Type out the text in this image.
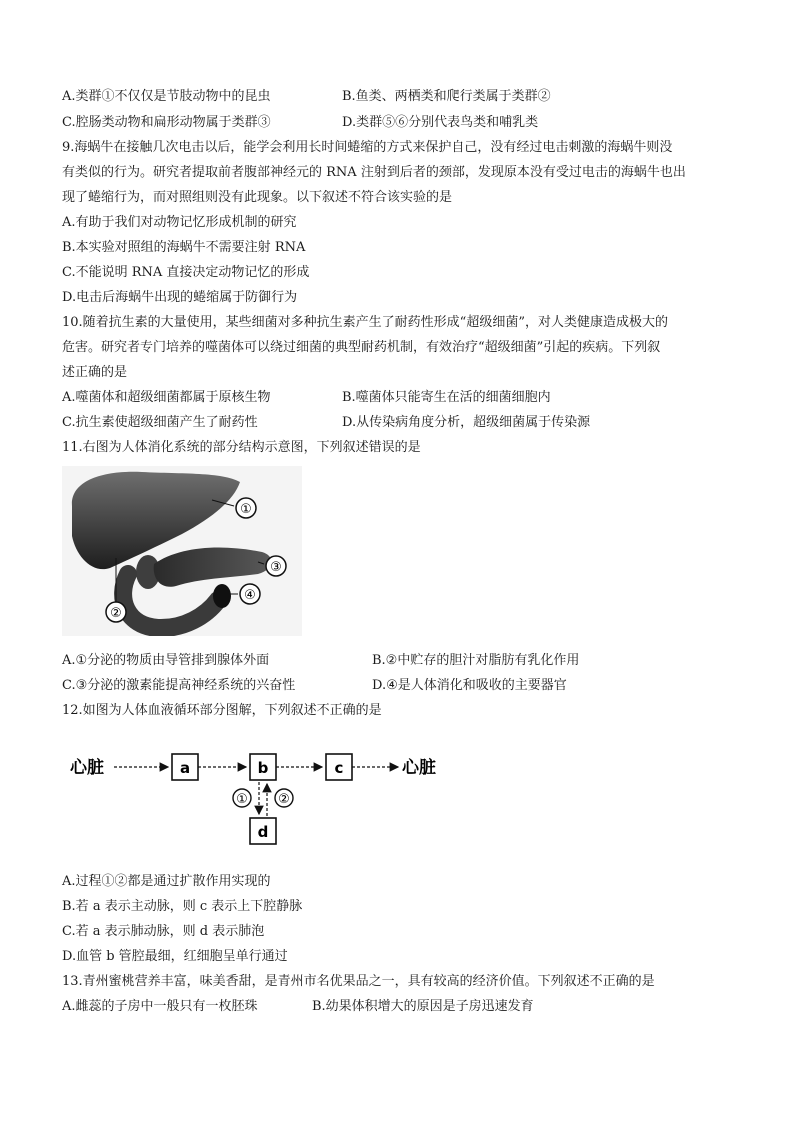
A.类群①不仅仅是节肢动物中的昆虫	B.鱼类、两栖类和爬行类属于类群②
C.腔肠类动物和扁形动物属于类群③	D.类群⑤⑥分别代表鸟类和哺乳类
9.海蜗牛在接触几次电击以后，能学会利用长时间蜷缩的方式来保护自己，没有经过电击刺激的海蜗牛则没
有类似的行为。研究者提取前者腹部神经元的 RNA 注射到后者的颈部，发现原本没有受过电击的海蜗牛也出
现了蜷缩行为，而对照组则没有此现象。以下叙述不符合该实验的是
A.有助于我们对动物记忆形成机制的研究
B.本实验对照组的海蜗牛不需要注射 RNA
C.不能说明 RNA 直接决定动物记忆的形成
D.电击后海蜗牛出现的蜷缩属于防御行为
10.随着抗生素的大量使用，某些细菌对多种抗生素产生了耐药性形成“超级细菌”，对人类健康造成极大的
危害。研究者专门培养的噬菌体可以绕过细菌的典型耐药机制，有效治疗“超级细菌”引起的疾病。下列叙
述正确的是
A.噬菌体和超级细菌都属于原核生物	B.噬菌体只能寄生在活的细菌细胞内
C.抗生素使超级细菌产生了耐药性	D.从传染病角度分析，超级细菌属于传染源
11.右图为人体消化系统的部分结构示意图，下列叙述错误的是
①
②
③
④
A.①分泌的物质由导管排到腺体外面	B.②中贮存的胆汁对脂肪有乳化作用
C.③分泌的激素能提高神经系统的兴奋性	D.④是人体消化和吸收的主要器官
12.如图为人体血液循环部分图解，下列叙述不正确的是
心脏	a	b	c	心脏
① ②
d
A.过程①②都是通过扩散作用实现的
B.若 a 表示主动脉，则 c 表示上下腔静脉
C.若 a 表示肺动脉，则 d 表示肺泡
D.血管 b 管腔最细，红细胞呈单行通过
13.青州蜜桃营养丰富，味美香甜，是青州市名优果品之一，具有较高的经济价值。下列叙述不正确的是
A.雌蕊的子房中一般只有一枚胚珠	B.幼果体积增大的原因是子房迅速发育
